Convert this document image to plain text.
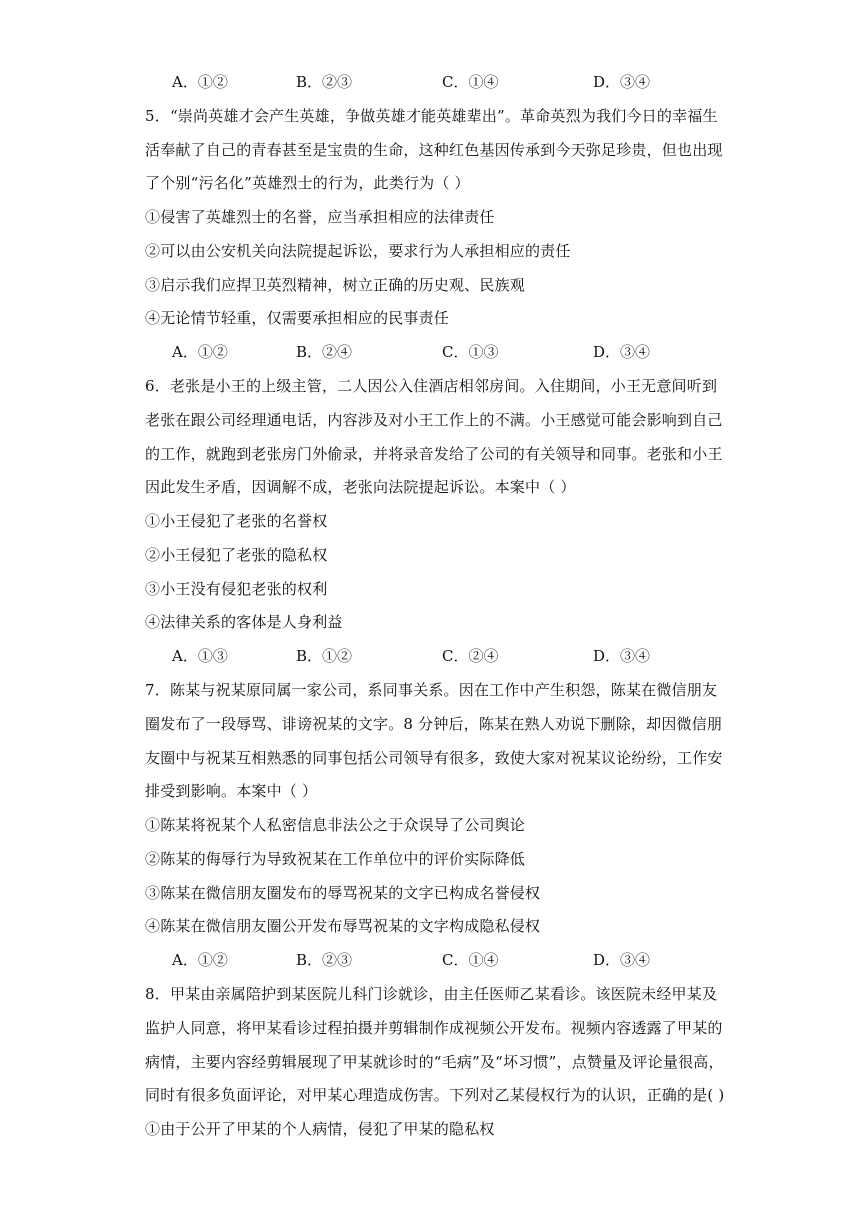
A．①②	B．②③	C．①④	D．③④
5．“崇尚英雄才会产生英雄，争做英雄才能英雄辈出”。革命英烈为我们今日的幸福生
活奉献了自己的青春甚至是宝贵的生命，这种红色基因传承到今天弥足珍贵，但也出现
了个别“污名化”英雄烈士的行为，此类行为（ ）
①侵害了英雄烈士的名誉，应当承担相应的法律责任
②可以由公安机关向法院提起诉讼，要求行为人承担相应的责任
③启示我们应捍卫英烈精神，树立正确的历史观、民族观
④无论情节轻重，仅需要承担相应的民事责任
A．①②	B．②④	C．①③	D．③④
6．老张是小王的上级主管，二人因公入住酒店相邻房间。入住期间，小王无意间听到
老张在跟公司经理通电话，内容涉及对小王工作上的不满。小王感觉可能会影响到自己
的工作，就跑到老张房门外偷录，并将录音发给了公司的有关领导和同事。老张和小王
因此发生矛盾，因调解不成，老张向法院提起诉讼。本案中（ ）
①小王侵犯了老张的名誉权
②小王侵犯了老张的隐私权
③小王没有侵犯老张的权利
④法律关系的客体是人身利益
A．①③	B．①②	C．②④	D．③④
7．陈某与祝某原同属一家公司，系同事关系。因在工作中产生积怨，陈某在微信朋友
圈发布了一段辱骂、诽谤祝某的文字。8 分钟后，陈某在熟人劝说下删除，却因微信朋
友圈中与祝某互相熟悉的同事包括公司领导有很多，致使大家对祝某议论纷纷，工作安
排受到影响。本案中（ ）
①陈某将祝某个人私密信息非法公之于众误导了公司舆论
②陈某的侮辱行为导致祝某在工作单位中的评价实际降低
③陈某在微信朋友圈发布的辱骂祝某的文字已构成名誉侵权
④陈某在微信朋友圈公开发布辱骂祝某的文字构成隐私侵权
A．①②	B．②③	C．①④	D．③④
8．甲某由亲属陪护到某医院儿科门诊就诊，由主任医师乙某看诊。该医院未经甲某及
监护人同意，将甲某看诊过程拍摄并剪辑制作成视频公开发布。视频内容透露了甲某的
病情，主要内容经剪辑展现了甲某就诊时的“毛病”及“坏习惯”，点赞量及评论量很高，
同时有很多负面评论，对甲某心理造成伤害。下列对乙某侵权行为的认识，正确的是( )
①由于公开了甲某的个人病情，侵犯了甲某的隐私权
